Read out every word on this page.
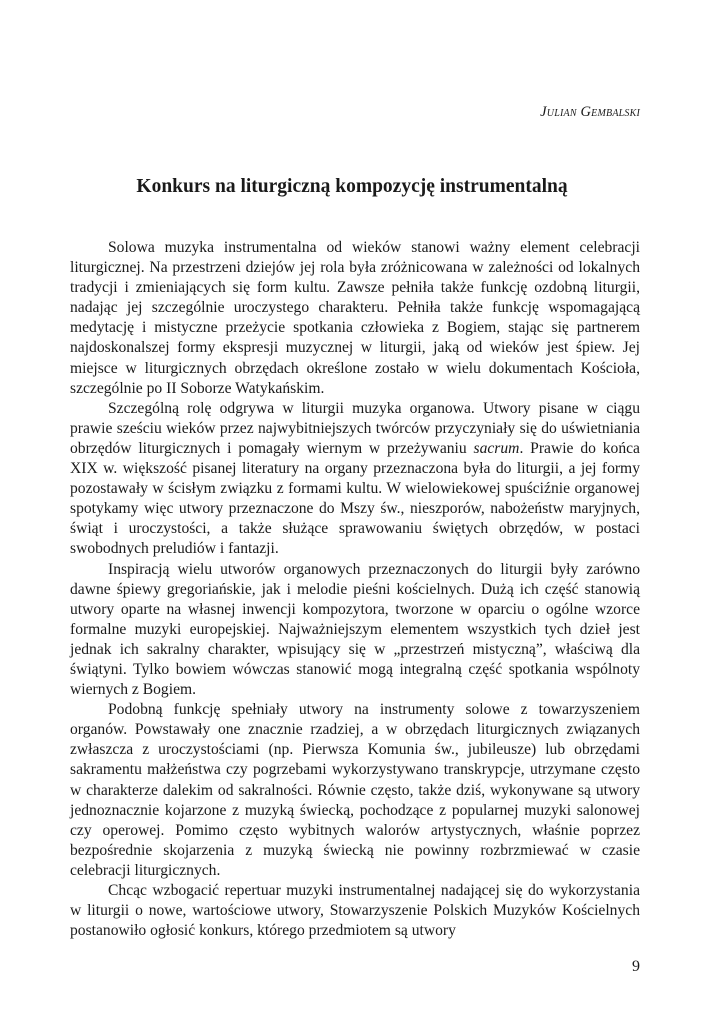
Julian Gembalski
Konkurs na liturgiczną kompozycję instrumentalną

Solowa muzyka instrumentalna od wieków stanowi ważny element celebracji liturgicznej. Na przestrzeni dziejów jej rola była zróżnicowana w zależności od lokalnych tradycji i zmieniających się form kultu. Zawsze pełniła także funkcję ozdobną liturgii, nadając jej szczególnie uroczystego charakteru. Pełniła także funkcję wspomagającą medytację i mistyczne przeżycie spotkania człowieka z Bogiem, stając się partnerem najdoskonalszej formy ekspresji muzycznej w liturgii, jaką od wieków jest śpiew. Jej miejsce w liturgicznych obrzędach określone zostało w wielu dokumentach Kościoła, szczególnie po II Soborze Watykańskim.

Szczególną rolę odgrywa w liturgii muzyka organowa. Utwory pisane w ciągu prawie sześciu wieków przez najwybitniejszych twórców przyczyniały się do uświetniania obrzędów liturgicznych i pomagały wiernym w przeżywaniu sacrum. Prawie do końca XIX w. większość pisanej literatury na organy przeznaczona była do liturgii, a jej formy pozostawały w ścisłym związku z formami kultu. W wielowiekowej spuściźnie organowej spotykamy więc utwory przeznaczone do Mszy św., nieszporów, nabożeństw maryjnych, świąt i uroczystości, a także służące sprawowaniu świętych obrzędów, w postaci swobodnych preludiów i fantazji.

Inspiracją wielu utworów organowych przeznaczonych do liturgii były zarówno dawne śpiewy gregoriańskie, jak i melodie pieśni kościelnych. Dużą ich część stanowią utwory oparte na własnej inwencji kompozytora, tworzone w oparciu o ogólne wzorce formalne muzyki europejskiej. Najważniejszym elementem wszystkich tych dzieł jest jednak ich sakralny charakter, wpisujący się w „przestrzeń mistyczną”, właściwą dla świątyni. Tylko bowiem wówczas stanowić mogą integralną część spotkania wspólnoty wiernych z Bogiem.

Podobną funkcję spełniały utwory na instrumenty solowe z towarzyszeniem organów. Powstawały one znacznie rzadziej, a w obrzędach liturgicznych związanych zwłaszcza z uroczystościami (np. Pierwsza Komunia św., jubileusze) lub obrzędami sakramentu małżeństwa czy pogrzebami wykorzystywano transkrypcje, utrzymane często w charakterze dalekim od sakralności. Równie często, także dziś, wykonywane są utwory jednoznacznie kojarzone z muzyką świecką, pochodzące z popularnej muzyki salonowej czy operowej. Pomimo często wybitnych walorów artystycznych, właśnie poprzez bezpośrednie skojarzenia z muzyką świecką nie powinny rozbrzmiewać w czasie celebracji liturgicznych.

Chcąc wzbogacić repertuar muzyki instrumentalnej nadającej się do wykorzystania w liturgii o nowe, wartościowe utwory, Stowarzyszenie Polskich Muzyków Kościelnych postanowiło ogłosić konkurs, którego przedmiotem są utwory

9
